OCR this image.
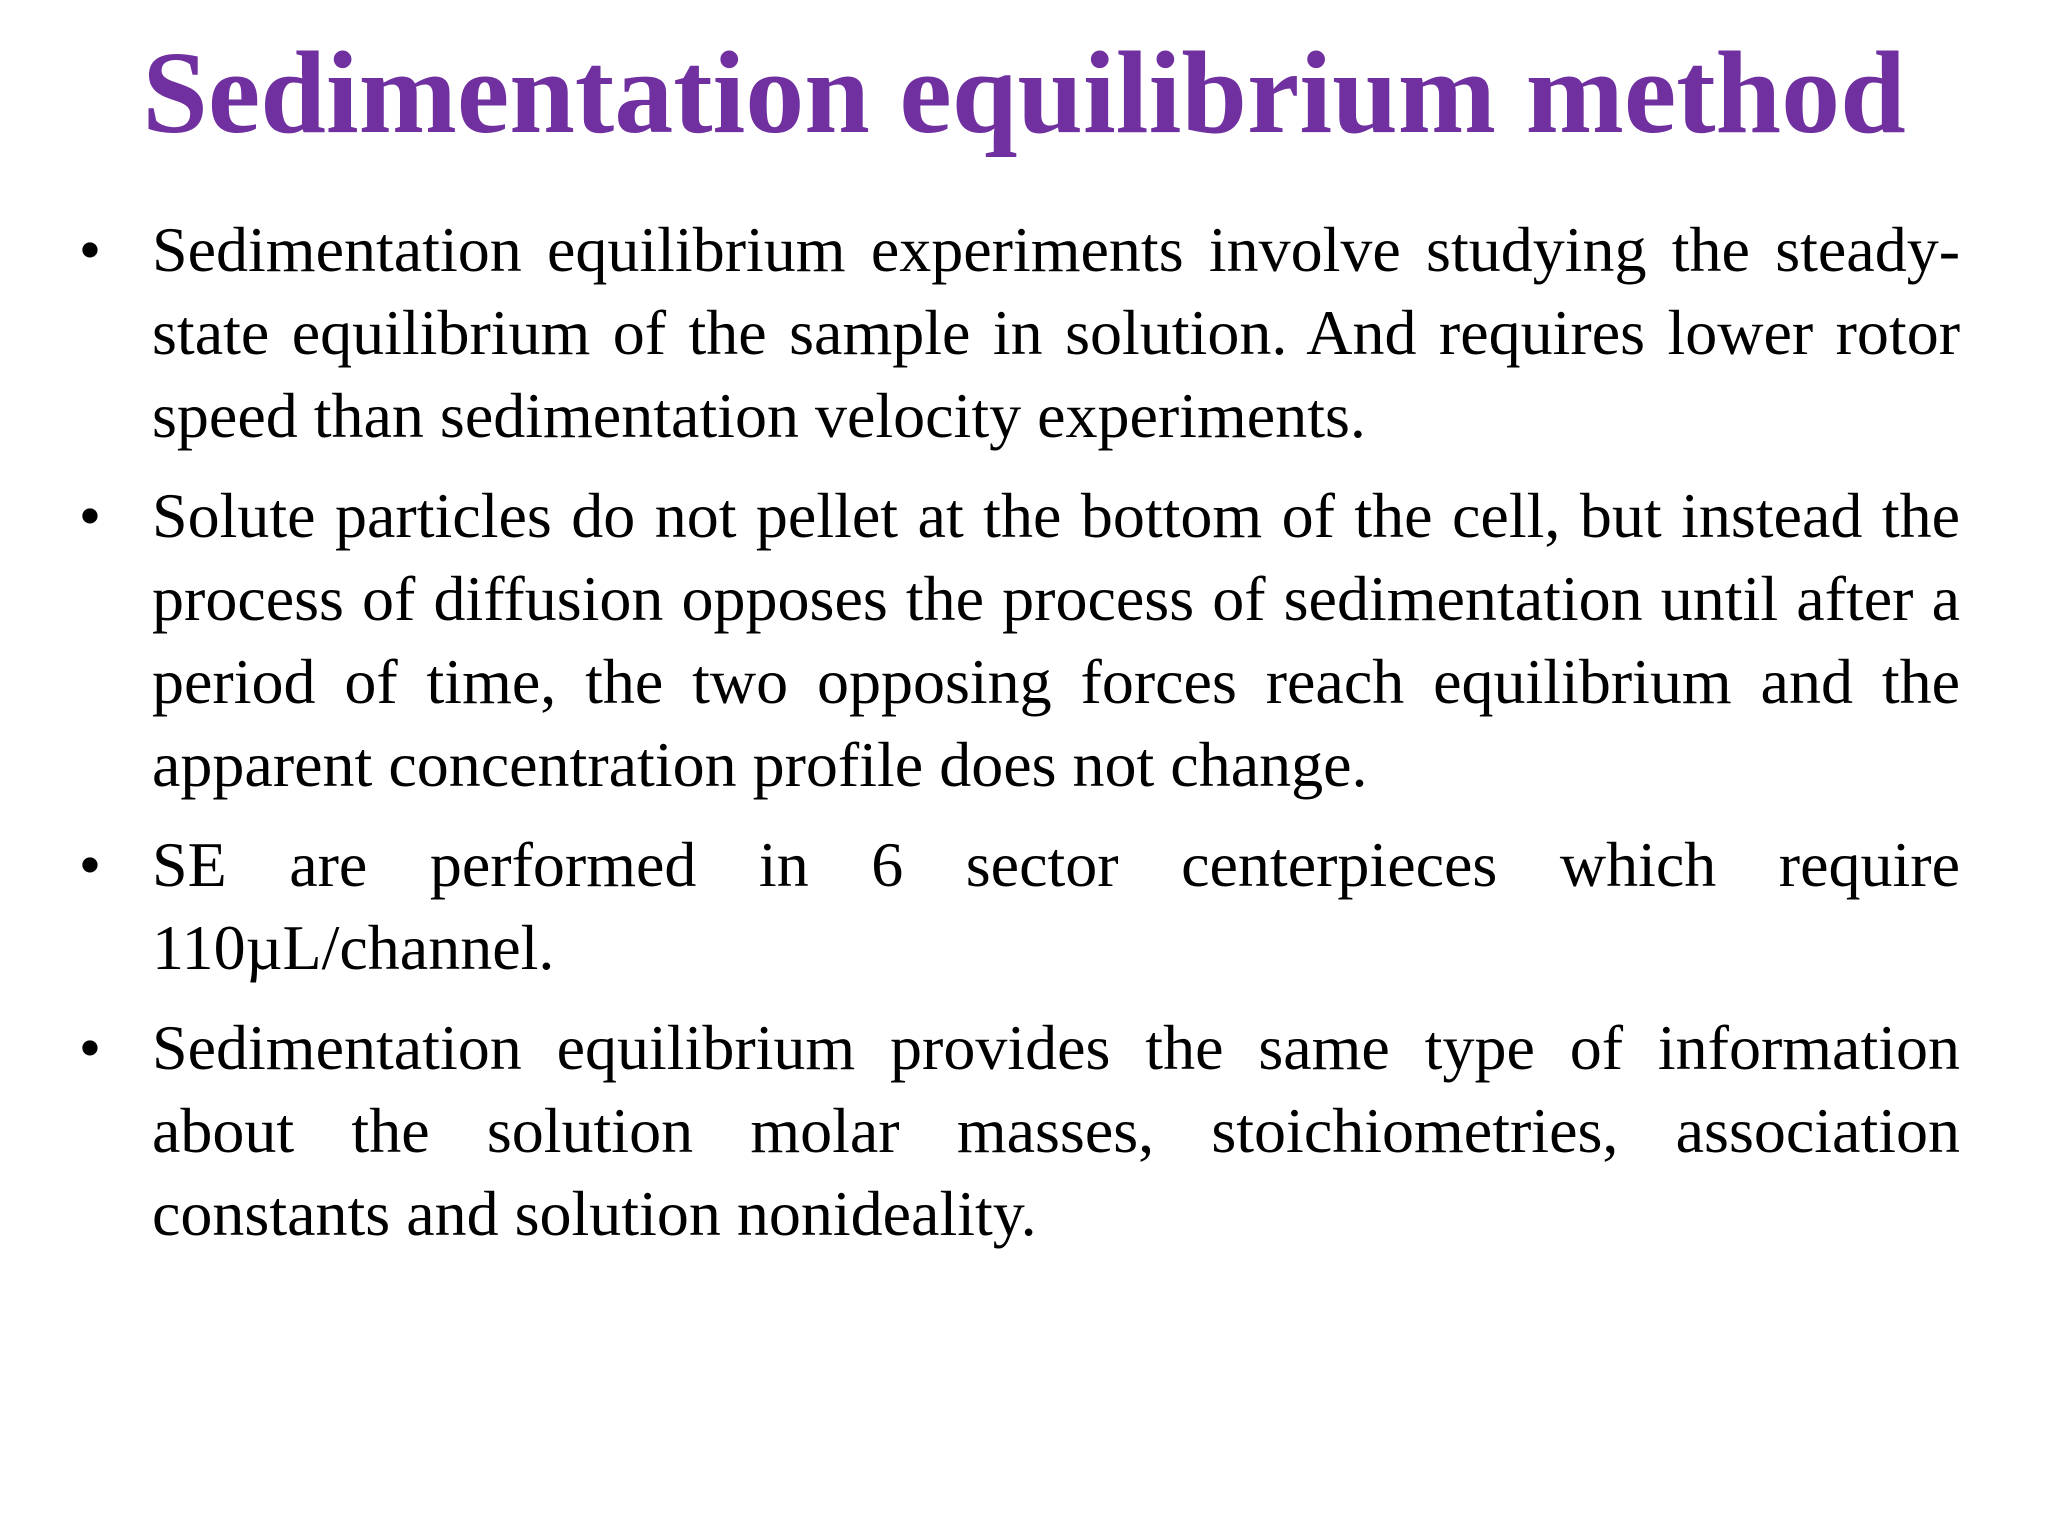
Sedimentation equilibrium method
• Sedimentation equilibrium experiments involve studying the steady-state equilibrium of the sample in solution. And requires lower rotor speed than sedimentation velocity experiments.
• Solute particles do not pellet at the bottom of the cell, but instead the process of diffusion opposes the process of sedimentation until after a period of time, the two opposing forces reach equilibrium and the apparent concentration profile does not change.
• SE are performed in 6 sector centerpieces which require 110µL/channel.
• Sedimentation equilibrium provides the same type of information about the solution molar masses, stoichiometries, association constants and solution nonideality.
